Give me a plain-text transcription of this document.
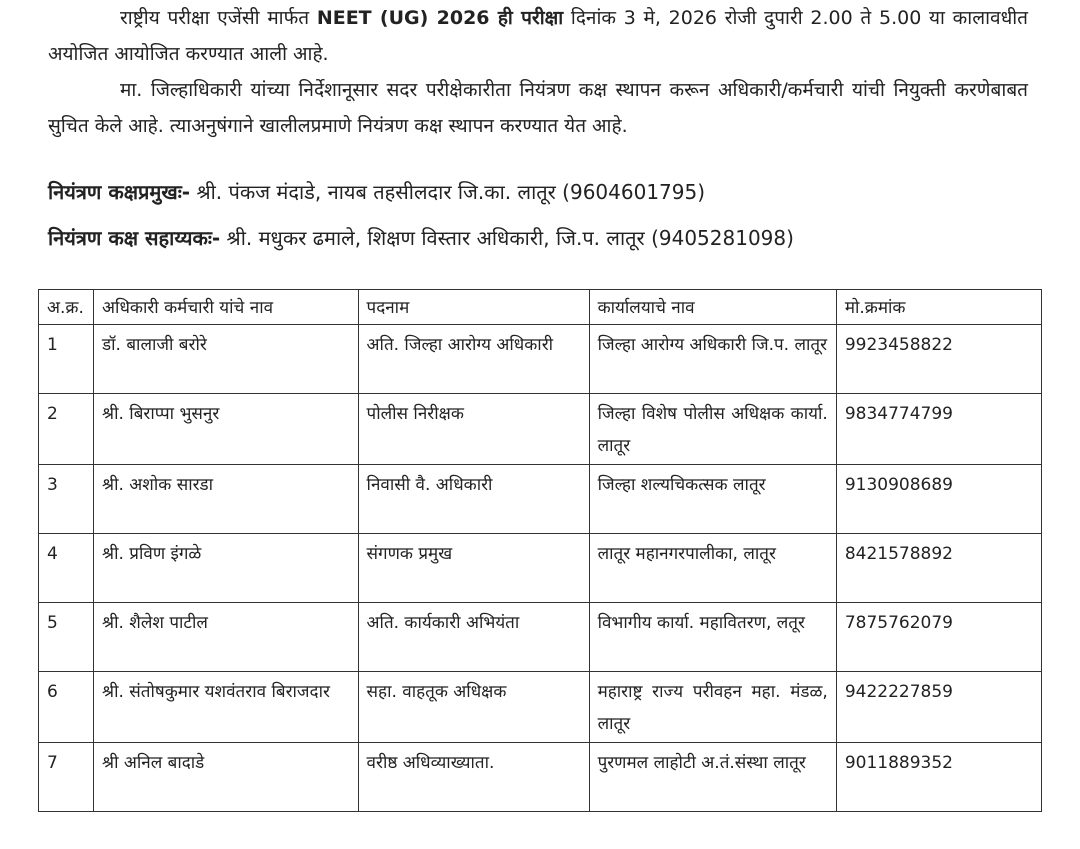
राष्ट्रीय परीक्षा एजेंसी मार्फत NEET (UG) 2026 ही परीक्षा दिनांक 3 मे, 2026 रोजी दुपारी 2.00 ते 5.00 या कालावधीत अयोजित आयोजित करण्यात आली आहे.

मा. जिल्हाधिकारी यांच्या निर्देशानूसार सदर परीक्षेकारीता नियंत्रण कक्ष स्थापन करून अधिकारी/कर्मचारी यांची नियुक्ती करणेबाबत सुचित केले आहे. त्याअनुषंगाने खालीलप्रमाणे नियंत्रण कक्ष स्थापन करण्यात येत आहे.

नियंत्रण कक्षप्रमुखः- श्री. पंकज मंदाडे, नायब तहसीलदार जि.का. लातूर (9604601795)

नियंत्रण कक्ष सहाय्यकः- श्री. मधुकर ढमाले, शिक्षण विस्तार अधिकारी, जि.प. लातूर (9405281098)

अ.क्र.	अधिकारी कर्मचारी यांचे नाव	पदनाम	कार्यालयाचे नाव	मो.क्रमांक
1	डॉ. बालाजी बरोरे	अति. जिल्हा आरोग्य अधिकारी	जिल्हा आरोग्य अधिकारी जि.प. लातूर	9923458822
2	श्री. बिराप्पा भुसनुर	पोलीस निरीक्षक	जिल्हा विशेष पोलीस अधिक्षक कार्या. लातूर	9834774799
3	श्री. अशोक सारडा	निवासी वै. अधिकारी	जिल्हा शल्यचिकत्सक लातूर	9130908689
4	श्री. प्रविण इंगळे	संगणक प्रमुख	लातूर महानगरपालीका, लातूर	8421578892
5	श्री. शैलेश पाटील	अति. कार्यकारी अभियंता	विभागीय कार्या. महावितरण, लतूर	7875762079
6	श्री. संतोषकुमार यशवंतराव बिराजदार	सहा. वाहतूक अधिक्षक	महाराष्ट्र राज्य परीवहन महा. मंडळ, लातूर	9422227859
7	श्री अनिल बादाडे	वरीष्ठ अधिव्याख्याता.	पुरणमल लाहोटी अ.तं.संस्था लातूर	9011889352
